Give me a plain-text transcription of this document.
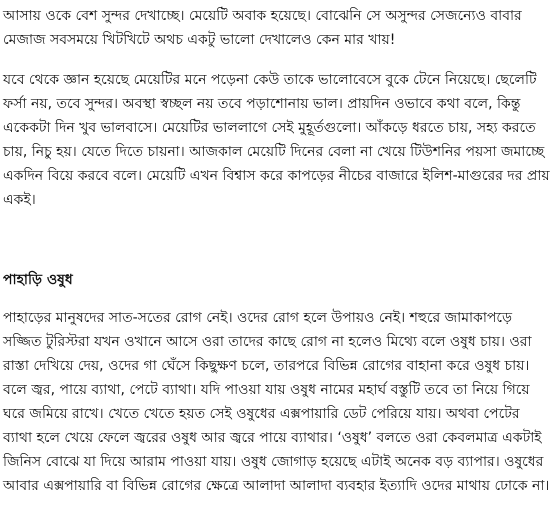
আসায় ওকে বেশ সুন্দর দেখাচ্ছে। মেয়েটি অবাক হয়েছে। বোঝেনি সে অসুন্দর সেজন্যেও বাবার মেজাজ সবসময়ে খিটখিটে অথচ একটু ভালো দেখালেও কেন মার খায়!

যবে থেকে জ্ঞান হয়েছে মেয়েটির মনে পড়েনা কেউ তাকে ভালোবেসে বুকে টেনে নিয়েছে। ছেলেটি ফর্সা নয়, তবে সুন্দর। অবস্থা স্বচ্ছল নয় তবে পড়াশোনায় ভাল। প্রায়দিন ওভাবে কথা বলে, কিন্তু একেকটা দিন খুব ভালবাসে। মেয়েটির ভাললাগে সেই মুহূর্তগুলো। আঁকড়ে ধরতে চায়, সহ্য করতে চায়, নিচু হয়। যেতে দিতে চায়না। আজকাল মেয়েটি দিনের বেলা না খেয়ে টিউশনির পয়সা জমাচ্ছে একদিন বিয়ে করবে বলে। মেয়েটি এখন বিশ্বাস করে কাপড়ের নীচের বাজারে ইলিশ-মাগুরের দর প্রায় একই।

পাহাড়ি ওষুধ

পাহাড়ের মানুষদের সাত-সতের রোগ নেই। ওদের রোগ হলে উপায়ও নেই। শহুরে জামাকাপড়ে সজ্জিত টুরিস্টরা যখন ওখানে আসে ওরা তাদের কাছে রোগ না হলেও মিথ্যে বলে ওষুধ চায়। ওরা রাস্তা দেখিয়ে দেয়, ওদের গা ঘেঁসে কিছুক্ষণ চলে, তারপরে বিভিন্ন রোগের বাহানা করে ওষুধ চায়। বলে জ্বর, পায়ে ব্যাথা, পেটে ব্যাথা। যদি পাওয়া যায় ওষুধ নামের মহার্ঘ বস্তুটি তবে তা নিয়ে গিয়ে ঘরে জমিয়ে রাখে। খেতে খেতে হয়ত সেই ওষুধের এক্সপায়ারি ডেট পেরিয়ে যায়। অথবা পেটের ব্যাথা হলে খেয়ে ফেলে জ্বরের ওষুধ আর জ্বরে পায়ে ব্যাথার। ‘ওষুধ’ বলতে ওরা কেবলমাত্র একটাই জিনিস বোঝে যা দিয়ে আরাম পাওয়া যায়। ওষুধ জোগাড় হয়েছে এটাই অনেক বড় ব্যাপার। ওষুধের আবার এক্সপায়ারি বা বিভিন্ন রোগের ক্ষেত্রে আলাদা আলাদা ব্যবহার ইত্যাদি ওদের মাথায় ঢোকে না।
